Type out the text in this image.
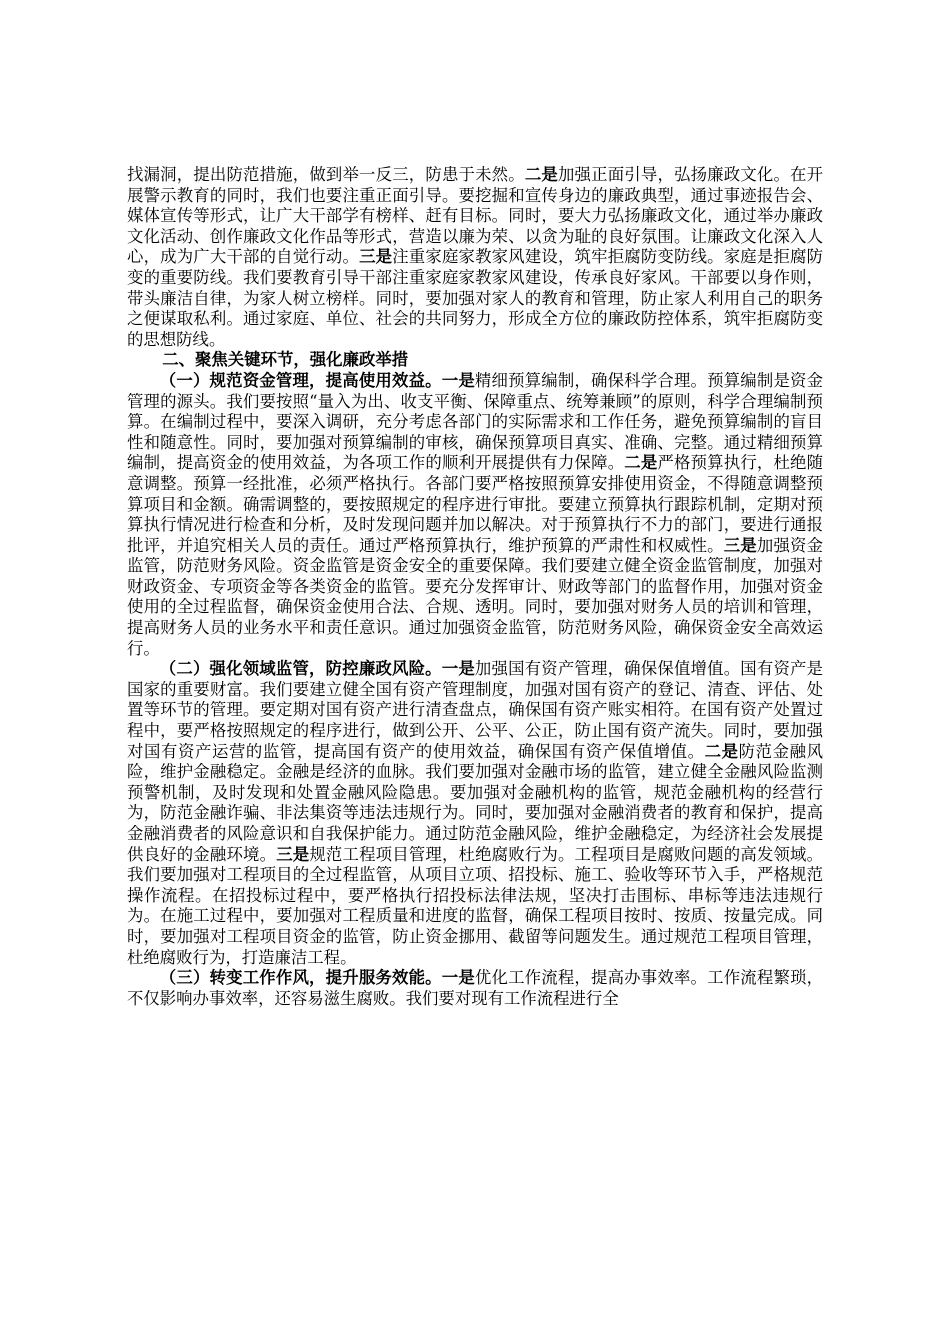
找漏洞，提出防范措施，做到举一反三，防患于未然。二是加强正面引导，弘扬廉政文化。在开展警示教育的同时，我们也要注重正面引导。要挖掘和宣传身边的廉政典型，通过事迹报告会、媒体宣传等形式，让广大干部学有榜样、赶有目标。同时，要大力弘扬廉政文化，通过举办廉政文化活动、创作廉政文化作品等形式，营造以廉为荣、以贪为耻的良好氛围。让廉政文化深入人心，成为广大干部的自觉行动。三是注重家庭家教家风建设，筑牢拒腐防变防线。家庭是拒腐防变的重要防线。我们要教育引导干部注重家庭家教家风建设，传承良好家风。干部要以身作则，带头廉洁自律，为家人树立榜样。同时，要加强对家人的教育和管理，防止家人利用自己的职务之便谋取私利。通过家庭、单位、社会的共同努力，形成全方位的廉政防控体系，筑牢拒腐防变的思想防线。

二、聚焦关键环节，强化廉政举措

（一）规范资金管理，提高使用效益。一是精细预算编制，确保科学合理。预算编制是资金管理的源头。我们要按照“量入为出、收支平衡、保障重点、统筹兼顾”的原则，科学合理编制预算。在编制过程中，要深入调研，充分考虑各部门的实际需求和工作任务，避免预算编制的盲目性和随意性。同时，要加强对预算编制的审核，确保预算项目真实、准确、完整。通过精细预算编制，提高资金的使用效益，为各项工作的顺利开展提供有力保障。二是严格预算执行，杜绝随意调整。预算一经批准，必须严格执行。各部门要严格按照预算安排使用资金，不得随意调整预算项目和金额。确需调整的，要按照规定的程序进行审批。要建立预算执行跟踪机制，定期对预算执行情况进行检查和分析，及时发现问题并加以解决。对于预算执行不力的部门，要进行通报批评，并追究相关人员的责任。通过严格预算执行，维护预算的严肃性和权威性。三是加强资金监管，防范财务风险。资金监管是资金安全的重要保障。我们要建立健全资金监管制度，加强对财政资金、专项资金等各类资金的监管。要充分发挥审计、财政等部门的监督作用，加强对资金使用的全过程监督，确保资金使用合法、合规、透明。同时，要加强对财务人员的培训和管理，提高财务人员的业务水平和责任意识。通过加强资金监管，防范财务风险，确保资金安全高效运行。

（二）强化领域监管，防控廉政风险。一是加强国有资产管理，确保保值增值。国有资产是国家的重要财富。我们要建立健全国有资产管理制度，加强对国有资产的登记、清查、评估、处置等环节的管理。要定期对国有资产进行清查盘点，确保国有资产账实相符。在国有资产处置过程中，要严格按照规定的程序进行，做到公开、公平、公正，防止国有资产流失。同时，要加强对国有资产运营的监管，提高国有资产的使用效益，确保国有资产保值增值。二是防范金融风险，维护金融稳定。金融是经济的血脉。我们要加强对金融市场的监管，建立健全金融风险监测预警机制，及时发现和处置金融风险隐患。要加强对金融机构的监管，规范金融机构的经营行为，防范金融诈骗、非法集资等违法违规行为。同时，要加强对金融消费者的教育和保护，提高金融消费者的风险意识和自我保护能力。通过防范金融风险，维护金融稳定，为经济社会发展提供良好的金融环境。三是规范工程项目管理，杜绝腐败行为。工程项目是腐败问题的高发领域。我们要加强对工程项目的全过程监管，从项目立项、招投标、施工、验收等环节入手，严格规范操作流程。在招投标过程中，要严格执行招投标法律法规，坚决打击围标、串标等违法违规行为。在施工过程中，要加强对工程质量和进度的监督，确保工程项目按时、按质、按量完成。同时，要加强对工程项目资金的监管，防止资金挪用、截留等问题发生。通过规范工程项目管理，杜绝腐败行为，打造廉洁工程。

（三）转变工作作风，提升服务效能。一是优化工作流程，提高办事效率。工作流程繁琐，不仅影响办事效率，还容易滋生腐败。我们要对现有工作流程进行全
